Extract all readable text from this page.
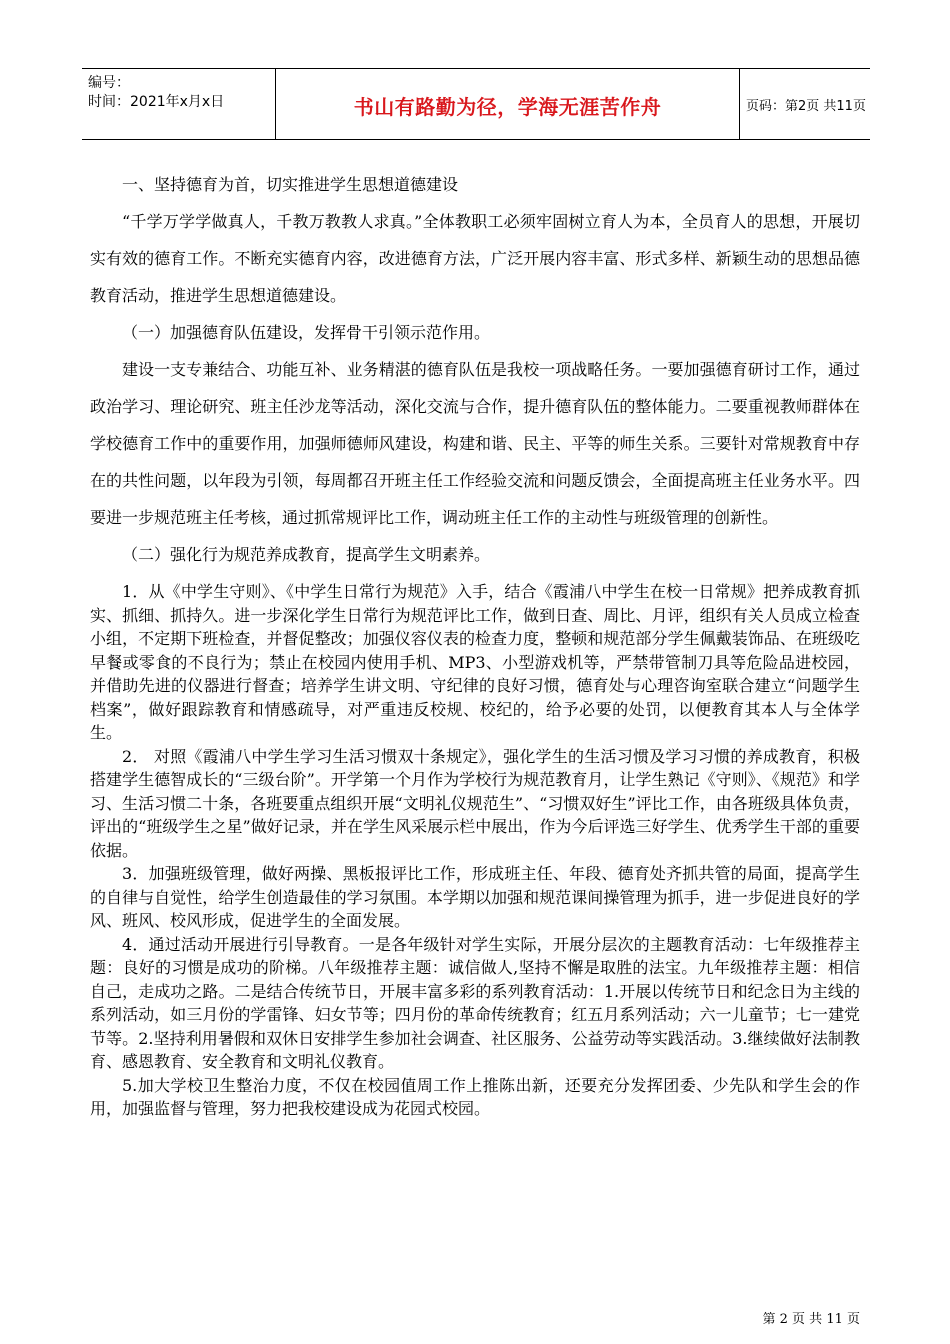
编号：
时间：2021年x月x日	书山有路勤为径，学海无涯苦作舟	页码：第2页 共11页

一、坚持德育为首，切实推进学生思想道德建设

“千学万学学做真人，千教万教教人求真。”全体教职工必须牢固树立育人为本，全员育人的思想，开展切实有效的德育工作。不断充实德育内容，改进德育方法，广泛开展内容丰富、形式多样、新颖生动的思想品德教育活动，推进学生思想道德建设。

（一）加强德育队伍建设，发挥骨干引领示范作用。

建设一支专兼结合、功能互补、业务精湛的德育队伍是我校一项战略任务。一要加强德育研讨工作，通过政治学习、理论研究、班主任沙龙等活动，深化交流与合作，提升德育队伍的整体能力。二要重视教师群体在学校德育工作中的重要作用，加强师德师风建设，构建和谐、民主、平等的师生关系。三要针对常规教育中存在的共性问题，以年段为引领，每周都召开班主任工作经验交流和问题反馈会，全面提高班主任业务水平。四要进一步规范班主任考核，通过抓常规评比工作，调动班主任工作的主动性与班级管理的创新性。

（二）强化行为规范养成教育，提高学生文明素养。

1．从《中学生守则》、《中学生日常行为规范》入手，结合《霞浦八中学生在校一日常规》把养成教育抓实、抓细、抓持久。进一步深化学生日常行为规范评比工作，做到日查、周比、月评，组织有关人员成立检查小组，不定期下班检查，并督促整改；加强仪容仪表的检查力度，整顿和规范部分学生佩戴装饰品、在班级吃早餐或零食的不良行为；禁止在校园内使用手机、MP3、小型游戏机等，严禁带管制刀具等危险品进校园，并借助先进的仪器进行督查；培养学生讲文明、守纪律的良好习惯，德育处与心理咨询室联合建立“问题学生档案”，做好跟踪教育和情感疏导，对严重违反校规、校纪的，给予必要的处罚，以便教育其本人与全体学生。

2． 对照《霞浦八中学生学习生活习惯双十条规定》，强化学生的生活习惯及学习习惯的养成教育，积极搭建学生德智成长的“三级台阶”。开学第一个月作为学校行为规范教育月，让学生熟记《守则》、《规范》和学习、生活习惯二十条，各班要重点组织开展“文明礼仪规范生”、“习惯双好生”评比工作，由各班级具体负责，评出的“班级学生之星”做好记录，并在学生风采展示栏中展出，作为今后评选三好学生、优秀学生干部的重要依据。

3．加强班级管理，做好两操、黑板报评比工作，形成班主任、年段、德育处齐抓共管的局面，提高学生的自律与自觉性，给学生创造最佳的学习氛围。本学期以加强和规范课间操管理为抓手，进一步促进良好的学风、班风、校风形成，促进学生的全面发展。

4．通过活动开展进行引导教育。一是各年级针对学生实际，开展分层次的主题教育活动：七年级推荐主题：良好的习惯是成功的阶梯。八年级推荐主题：诚信做人,坚持不懈是取胜的法宝。九年级推荐主题：相信自己，走成功之路。二是结合传统节日，开展丰富多彩的系列教育活动：1.开展以传统节日和纪念日为主线的系列活动，如三月份的学雷锋、妇女节等；四月份的革命传统教育；红五月系列活动；六一儿童节；七一建党节等。2.坚持利用暑假和双休日安排学生参加社会调查、社区服务、公益劳动等实践活动。3.继续做好法制教育、感恩教育、安全教育和文明礼仪教育。

5.加大学校卫生整治力度，不仅在校园值周工作上推陈出新，还要充分发挥团委、少先队和学生会的作用，加强监督与管理，努力把我校建设成为花园式校园。

第 2 页 共 11 页
